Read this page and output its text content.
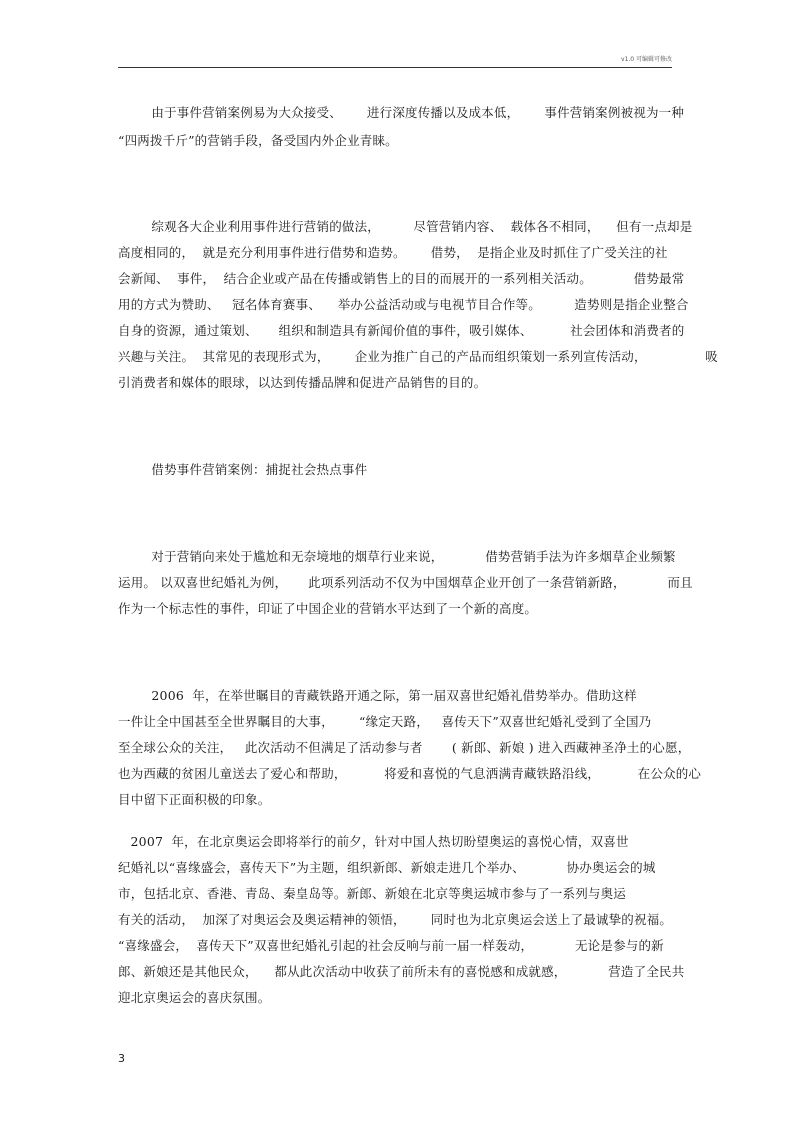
v1.0 可编辑可修改
由于事件营销案例易为大众接受、      进行深度传播以及成本低，      事件营销案例被视为一种
“四两拨千斤”的营销手段，备受国内外企业青睐。
综观各大企业利用事件进行营销的做法，        尽管营销内容、  载体各不相同，    但有一点却是
高度相同的，  就是充分利用事件进行借势和造势。      借势，  是指企业及时抓住了广受关注的社
会新闻、  事件，  结合企业或产品在传播或销售上的目的而展开的一系列相关活动。          借势最常
用的方式为赞助、   冠名体育赛事、    举办公益活动或与电视节目合作等。        造势则是指企业整合
自身的资源，通过策划、     组织和制造具有新闻价值的事件，吸引媒体、         社会团体和消费者的
兴趣与关注。  其常见的表现形式为，      企业为推广自己的产品而组织策划一系列宣传活动，              吸
引消费者和媒体的眼球，以达到传播品牌和促进产品销售的目的。
借势事件营销案例：捕捉社会热点事件
对于营销向来处于尴尬和无奈境地的烟草行业来说，          借势营销手法为许多烟草企业频繁
运用。 以双喜世纪婚礼为例，     此项系列活动不仅为中国烟草企业开创了一条营销新路，          而且
作为一个标志性的事件，印证了中国企业的营销水平达到了一个新的高度。
2006  年，在举世瞩目的青藏铁路开通之际，第一届双喜世纪婚礼借势举办。借助这样
一件让全中国甚至全世界瞩目的大事，      “缘定天路，   喜传天下”双喜世纪婚礼受到了全国乃
至全球公众的关注，   此次活动不但满足了活动参与者       ( 新郎、新娘 ) 进入西藏神圣净土的心愿，
也为西藏的贫困儿童送去了爱心和帮助，         将爱和喜悦的气息洒满青藏铁路沿线，         在公众的心
目中留下正面积极的印象。
2007  年，在北京奥运会即将举行的前夕，针对中国人热切盼望奥运的喜悦心情，双喜世
纪婚礼以“喜缘盛会，喜传天下”为主题，组织新郎、新娘走进几个举办、          协办奥运会的城
市，包括北京、香港、青岛、秦皇岛等。新郎、新娘在北京等奥运城市参与了一系列与奥运
有关的活动，  加深了对奥运会及奥运精神的领悟，      同时也为北京奥运会送上了最诚挚的祝福。
“喜缘盛会，  喜传天下”双喜世纪婚礼引起的社会反响与前一届一样轰动，          无论是参与的新
郎、新娘还是其他民众，    都从此次活动中收获了前所未有的喜悦感和成就感，          营造了全民共
迎北京奥运会的喜庆氛围。
3
